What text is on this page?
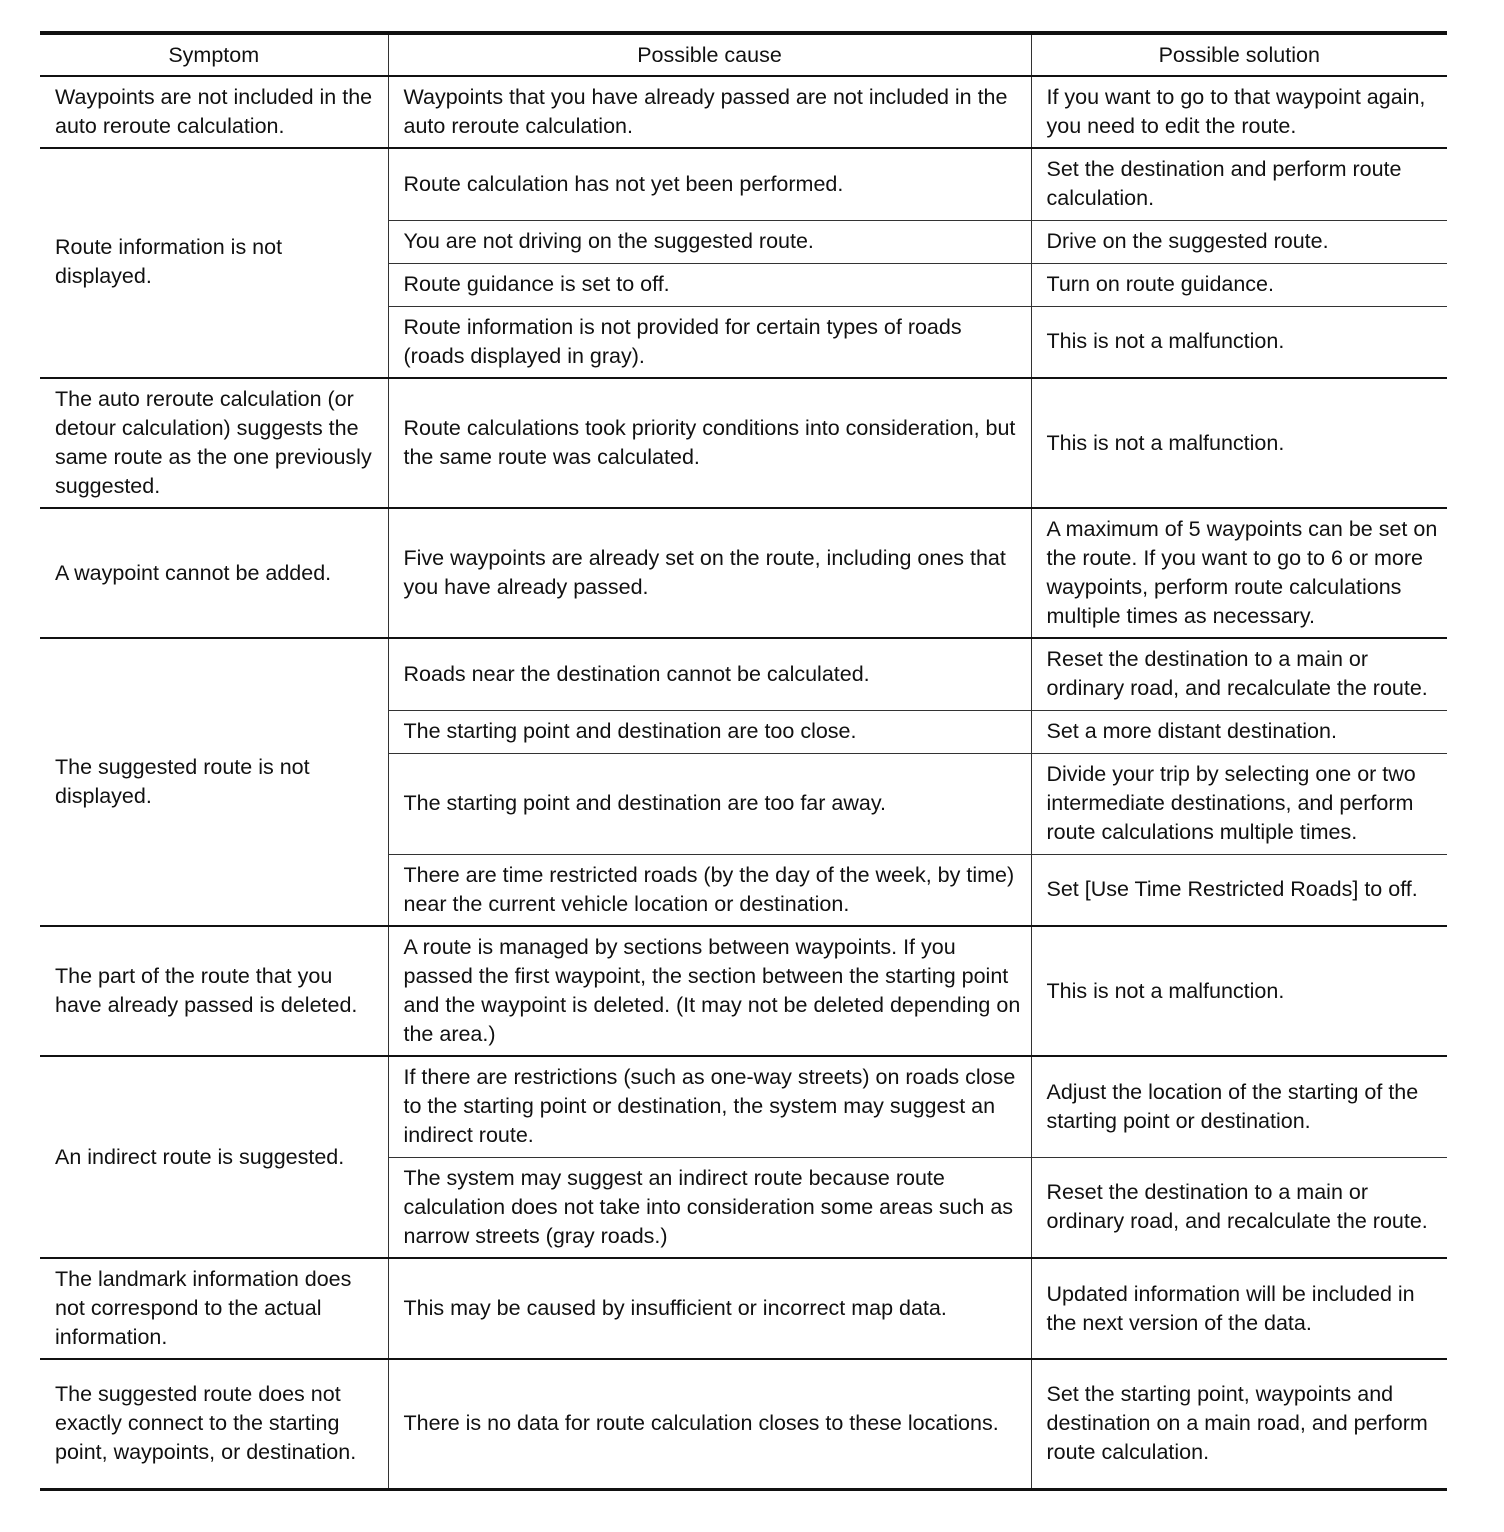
Symptom	Possible cause	Possible solution
Waypoints are not included in the auto reroute calculation.	Waypoints that you have already passed are not included in the auto reroute calculation.	If you want to go to that waypoint again, you need to edit the route.
Route information is not displayed.	Route calculation has not yet been performed.	Set the destination and perform route calculation.
	You are not driving on the suggested route.	Drive on the suggested route.
	Route guidance is set to off.	Turn on route guidance.
	Route information is not provided for certain types of roads (roads displayed in gray).	This is not a malfunction.
The auto reroute calculation (or detour calculation) suggests the same route as the one previously suggested.	Route calculations took priority conditions into consideration, but the same route was calculated.	This is not a malfunction.
A waypoint cannot be added.	Five waypoints are already set on the route, including ones that you have already passed.	A maximum of 5 waypoints can be set on the route. If you want to go to 6 or more waypoints, perform route calculations multiple times as necessary.
The suggested route is not displayed.	Roads near the destination cannot be calculated.	Reset the destination to a main or ordinary road, and recalculate the route.
	The starting point and destination are too close.	Set a more distant destination.
	The starting point and destination are too far away.	Divide your trip by selecting one or two intermediate destinations, and perform route calculations multiple times.
	There are time restricted roads (by the day of the week, by time) near the current vehicle location or destination.	Set [Use Time Restricted Roads] to off.
The part of the route that you have already passed is deleted.	A route is managed by sections between waypoints. If you passed the first waypoint, the section between the starting point and the waypoint is deleted. (It may not be deleted depending on the area.)	This is not a malfunction.
An indirect route is suggested.	If there are restrictions (such as one-way streets) on roads close to the starting point or destination, the system may suggest an indirect route.	Adjust the location of the starting of the starting point or destination.
	The system may suggest an indirect route because route calculation does not take into consideration some areas such as narrow streets (gray roads.)	Reset the destination to a main or ordinary road, and recalculate the route.
The landmark information does not correspond to the actual information.	This may be caused by insufficient or incorrect map data.	Updated information will be included in the next version of the data.
The suggested route does not exactly connect to the starting point, waypoints, or destination.	There is no data for route calculation closes to these locations.	Set the starting point, waypoints and destination on a main road, and perform route calculation.
